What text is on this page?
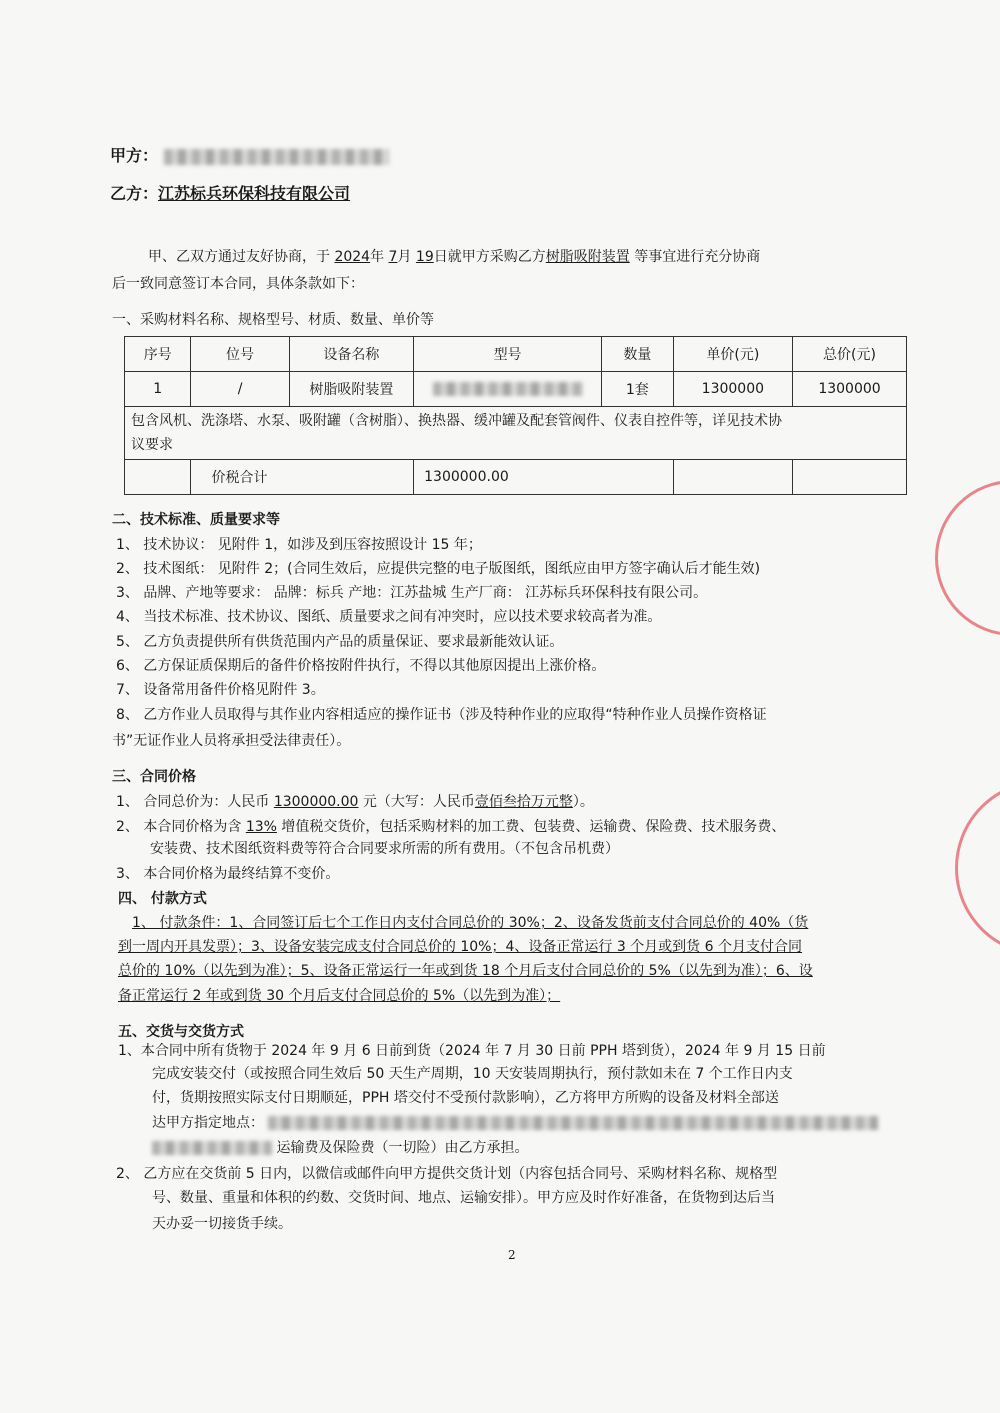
甲方：
乙方：江苏标兵环保科技有限公司
甲、乙双方通过友好协商，于 2024年 7月 19日就甲方采购乙方树脂吸附装置 等事宜进行充分协商
后一致同意签订本合同，具体条款如下：
一、采购材料名称、规格型号、材质、数量、单价等
序号	位号	设备名称	型号	数量	单价(元)	总价(元)
1	/	树脂吸附装置		1套	1300000	1300000
包含风机、洗涤塔、水泵、吸附罐（含树脂）、换热器、缓冲罐及配套管阀件、仪表自控件等，详见技术协
议要求						
	价税合计		1300000.00			
二、技术标准、质量要求等
1、 技术协议： 见附件 1，如涉及到压容按照设计 15 年；
2、 技术图纸： 见附件 2；(合同生效后，应提供完整的电子版图纸，图纸应由甲方签字确认后才能生效)
3、 品牌、产地等要求： 品牌：标兵 产地：江苏盐城 生产厂商： 江苏标兵环保科技有限公司。
4、 当技术标准、技术协议、图纸、质量要求之间有冲突时，应以技术要求较高者为准。
5、 乙方负责提供所有供货范围内产品的质量保证、要求最新能效认证。
6、 乙方保证质保期后的备件价格按附件执行，不得以其他原因提出上涨价格。
7、 设备常用备件价格见附件 3。
8、 乙方作业人员取得与其作业内容相适应的操作证书（涉及特种作业的应取得“特种作业人员操作资格证
书”无证作业人员将承担受法律责任）。
三、合同价格
1、 合同总价为：人民币 1300000.00 元（大写：人民币壹佰叁拾万元整）。
2、 本合同价格为含 13% 增值税交货价，包括采购材料的加工费、包装费、运输费、保险费、技术服务费、
安装费、技术图纸资料费等符合合同要求所需的所有费用。（不包含吊机费）
3、 本合同价格为最终结算不变价。
四、 付款方式
1、 付款条件：1、合同签订后七个工作日内支付合同总价的 30%；2、设备发货前支付合同总价的 40%（货
到一周内开具发票）；3、设备安装完成支付合同总价的 10%；4、设备正常运行 3 个月或到货 6 个月支付合同
总价的 10%（以先到为准）；5、设备正常运行一年或到货 18 个月后支付合同总价的 5%（以先到为准）；6、设
备正常运行 2 年或到货 30 个月后支付合同总价的 5%（以先到为准）；
五、交货与交货方式
1、本合同中所有货物于 2024 年 9 月 6 日前到货（2024 年 7 月 30 日前 PPH 塔到货），2024 年 9 月 15 日前
完成安装交付（或按照合同生效后 50 天生产周期，10 天安装周期执行，预付款如未在 7 个工作日内支
付，货期按照实际支付日期顺延，PPH 塔交付不受预付款影响），乙方将甲方所购的设备及材料全部送
达甲方指定地点：
运输费及保险费（一切险）由乙方承担。
2、 乙方应在交货前 5 日内，以微信或邮件向甲方提供交货计划（内容包括合同号、采购材料名称、规格型
号、数量、重量和体积的约数、交货时间、地点、运输安排）。甲方应及时作好准备，在货物到达后当
天办妥一切接货手续。
2
